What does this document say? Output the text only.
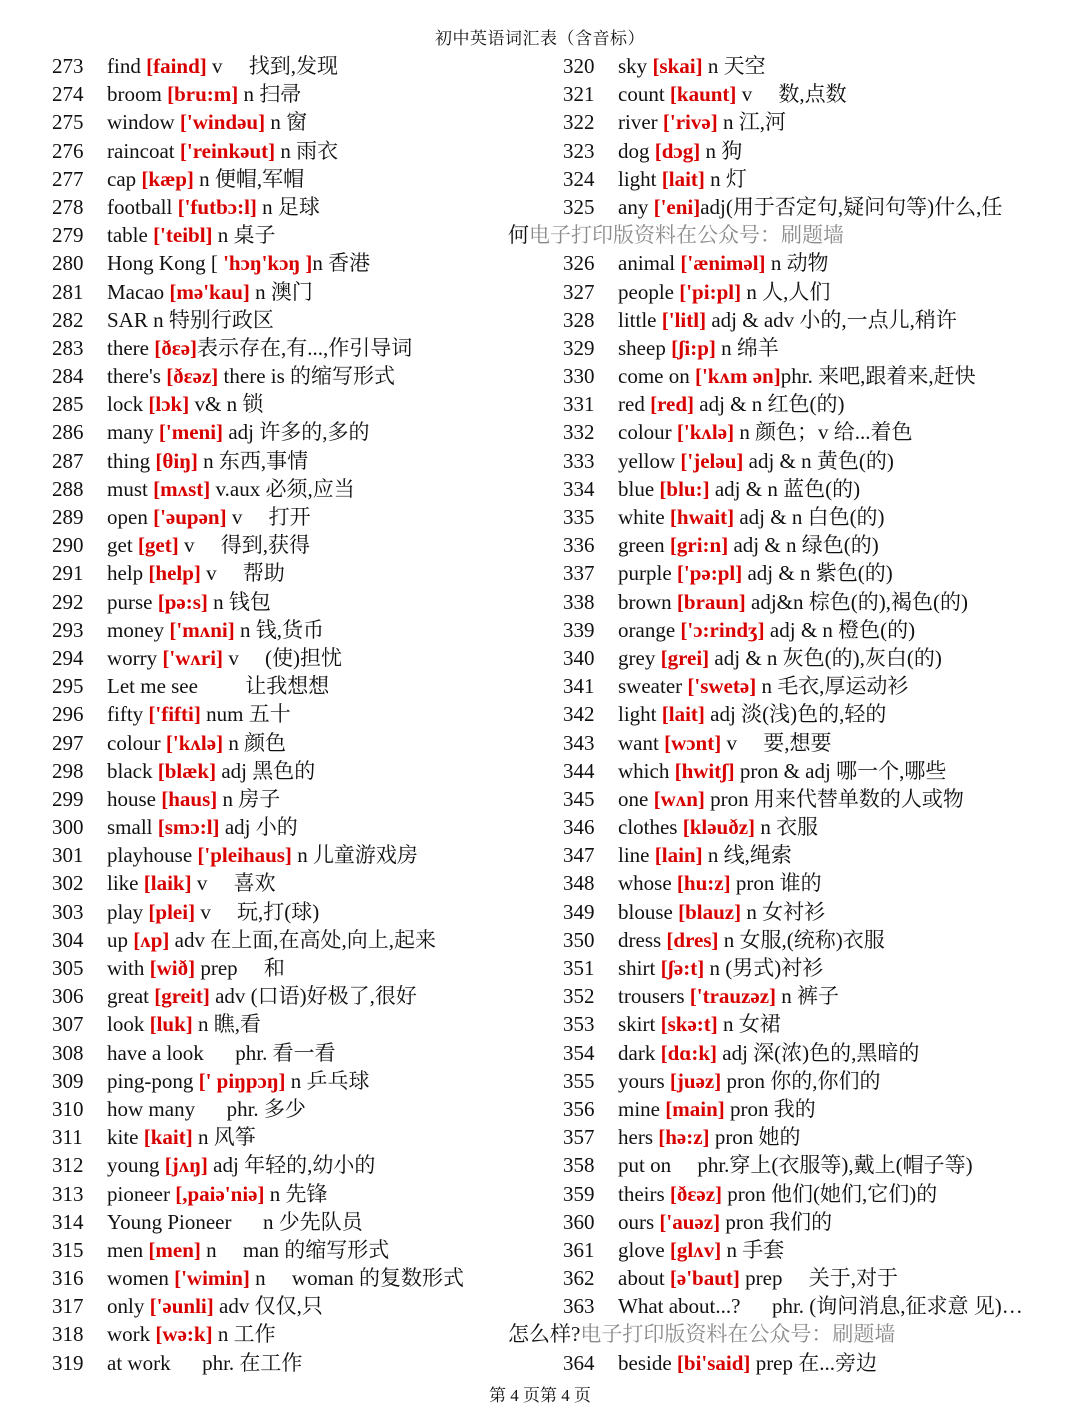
初中英语词汇表（含音标）
273 find [faind] v　 找到,发现
274 broom [bru:m] n 扫帚
275 window ['windəu] n 窗
276 raincoat ['reinkəut] n 雨衣
277 cap [kæp] n 便帽,军帽
278 football ['futbɔ:l] n 足球
279 table ['teibl] n 桌子
280 Hong Kong [ 'hɔŋ'kɔŋ ]n 香港
281 Macao [mə'kau] n 澳门
282 SAR n 特别行政区
283 there [ðɛə]表示存在,有...,作引导词
284 there's [ðɛəz] there is 的缩写形式
285 lock [lɔk] v& n 锁
286 many ['meni] adj 许多的,多的
287 thing [θiŋ] n 东西,事情
288 must [mʌst] v.aux 必须,应当
289 open ['əupən] v　 打开
290 get [get] v　 得到,获得
291 help [help] v　 帮助
292 purse [pə:s] n 钱包
293 money ['mʌni] n 钱,货币
294 worry ['wʌri] v　 (使)担忧
295 Let me see 　　让我想想
296 fifty ['fifti] num 五十
297 colour ['kʌlə] n 颜色
298 black [blæk] adj 黑色的
299 house [haus] n 房子
300 small [smɔ:l] adj 小的
301 playhouse ['pleihaus] n 儿童游戏房
302 like [laik] v　 喜欢
303 play [plei] v　 玩,打(球)
304 up [ʌp] adv 在上面,在高处,向上,起来
305 with [wið] prep　 和
306 great [greit] adv (口语)好极了,很好
307 look [luk] n 瞧,看
308 have a look 　 phr. 看一看
309 ping-pong [' piŋpɔŋ] n 乒乓球
310 how many 　 phr. 多少
311 kite [kait] n 风筝
312 young [jʌŋ] adj 年轻的,幼小的
313 pioneer [,paiə'niə] n 先锋
314 Young Pioneer 　 n 少先队员
315 men [men] n　 man 的缩写形式
316 women ['wimin] n　 woman 的复数形式
317 only ['əunli] adv 仅仅,只
318 work [wə:k] n 工作
319 at work 　 phr. 在工作
320 sky [skai] n 天空
321 count [kaunt] v　 数,点数
322 river ['rivə] n 江,河
323 dog [dɔg] n 狗
324 light [lait] n 灯
325 any ['eni]adj(用于否定句,疑问句等)什么,任
何电子打印版资料在公众号：刷题墙
326 animal ['æniməl] n 动物
327 people ['pi:pl] n 人,人们
328 little ['litl] adj & adv 小的,一点儿,稍许
329 sheep [ʃi:p] n 绵羊
330 come on ['kʌm ən]phr. 来吧,跟着来,赶快
331 red [red] adj & n 红色(的)
332 colour ['kʌlə] n 颜色；v 给...着色
333 yellow ['jeləu] adj & n 黄色(的)
334 blue [blu:] adj & n 蓝色(的)
335 white [hwait] adj & n 白色(的)
336 green [gri:n] adj & n 绿色(的)
337 purple ['pə:pl] adj & n 紫色(的)
338 brown [braun] adj&n 棕色(的),褐色(的)
339 orange ['ɔ:rindʒ] adj & n 橙色(的)
340 grey [grei] adj & n 灰色(的),灰白(的)
341 sweater ['swetə] n 毛衣,厚运动衫
342 light [lait] adj 淡(浅)色的,轻的
343 want [wɔnt] v　 要,想要
344 which [hwitʃ] pron & adj 哪一个,哪些
345 one [wʌn] pron 用来代替单数的人或物
346 clothes [kləuðz] n 衣服
347 line [lain] n 线,绳索
348 whose [hu:z] pron 谁的
349 blouse [blauz] n 女衬衫
350 dress [dres] n 女服,(统称)衣服
351 shirt [ʃə:t] n (男式)衬衫
352 trousers ['trauzəz] n 裤子
353 skirt [skə:t] n 女裙
354 dark [dɑ:k] adj 深(浓)色的,黑暗的
355 yours [juəz] pron 你的,你们的
356 mine [main] pron 我的
357 hers [hə:z] pron 她的
358 put on 　phr.穿上(衣服等),戴上(帽子等)
359 theirs [ðɛəz] pron 他们(她们,它们)的
360 ours ['auəz] pron 我们的
361 glove [glʌv] n 手套
362 about [ə'baut] prep　 关于,对于
363 What about...? 　 phr. (询问消息,征求意 见)…
怎么样?电子打印版资料在公众号：刷题墙
364 beside [bi'said] prep 在...旁边
第 4 页第 4 页
